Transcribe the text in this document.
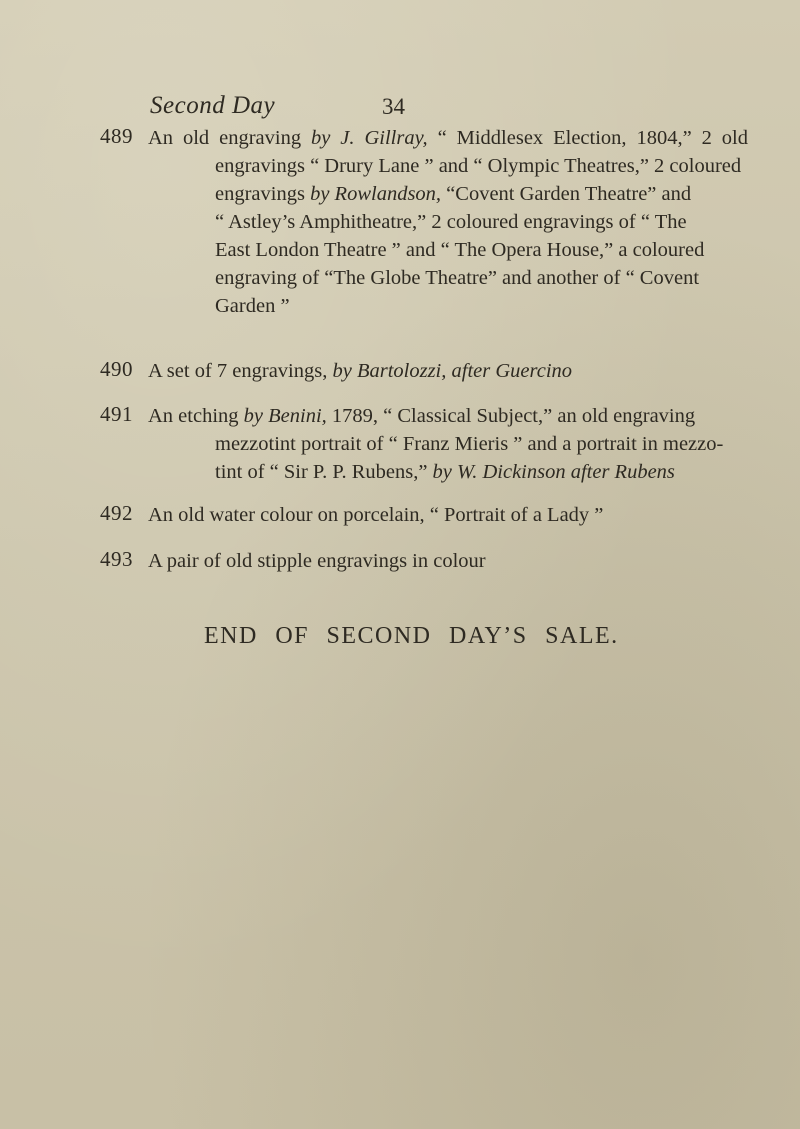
Second Day	34
489 An old engraving by J. Gillray, “ Middlesex Election, 1804,” 2 old
engravings “ Drury Lane ” and “ Olympic Theatres,” 2 coloured
engravings by Rowlandson, “Covent Garden Theatre” and
“ Astley’s Amphitheatre,” 2 coloured engravings of “ The
East London Theatre ” and “ The Opera House,” a coloured
engraving of “The Globe Theatre” and another of “ Covent
Garden ”
490 A set of 7 engravings, by Bartolozzi, after Guercino
491 An etching by Benini, 1789, “ Classical Subject,” an old engraving
mezzotint portrait of “ Franz Mieris ” and a portrait in mezzo-
tint of “ Sir P. P. Rubens,” by W. Dickinson after Rubens
492 An old water colour on porcelain, “ Portrait of a Lady ”
493 A pair of old stipple engravings in colour
END OF SECOND DAY’S SALE.
